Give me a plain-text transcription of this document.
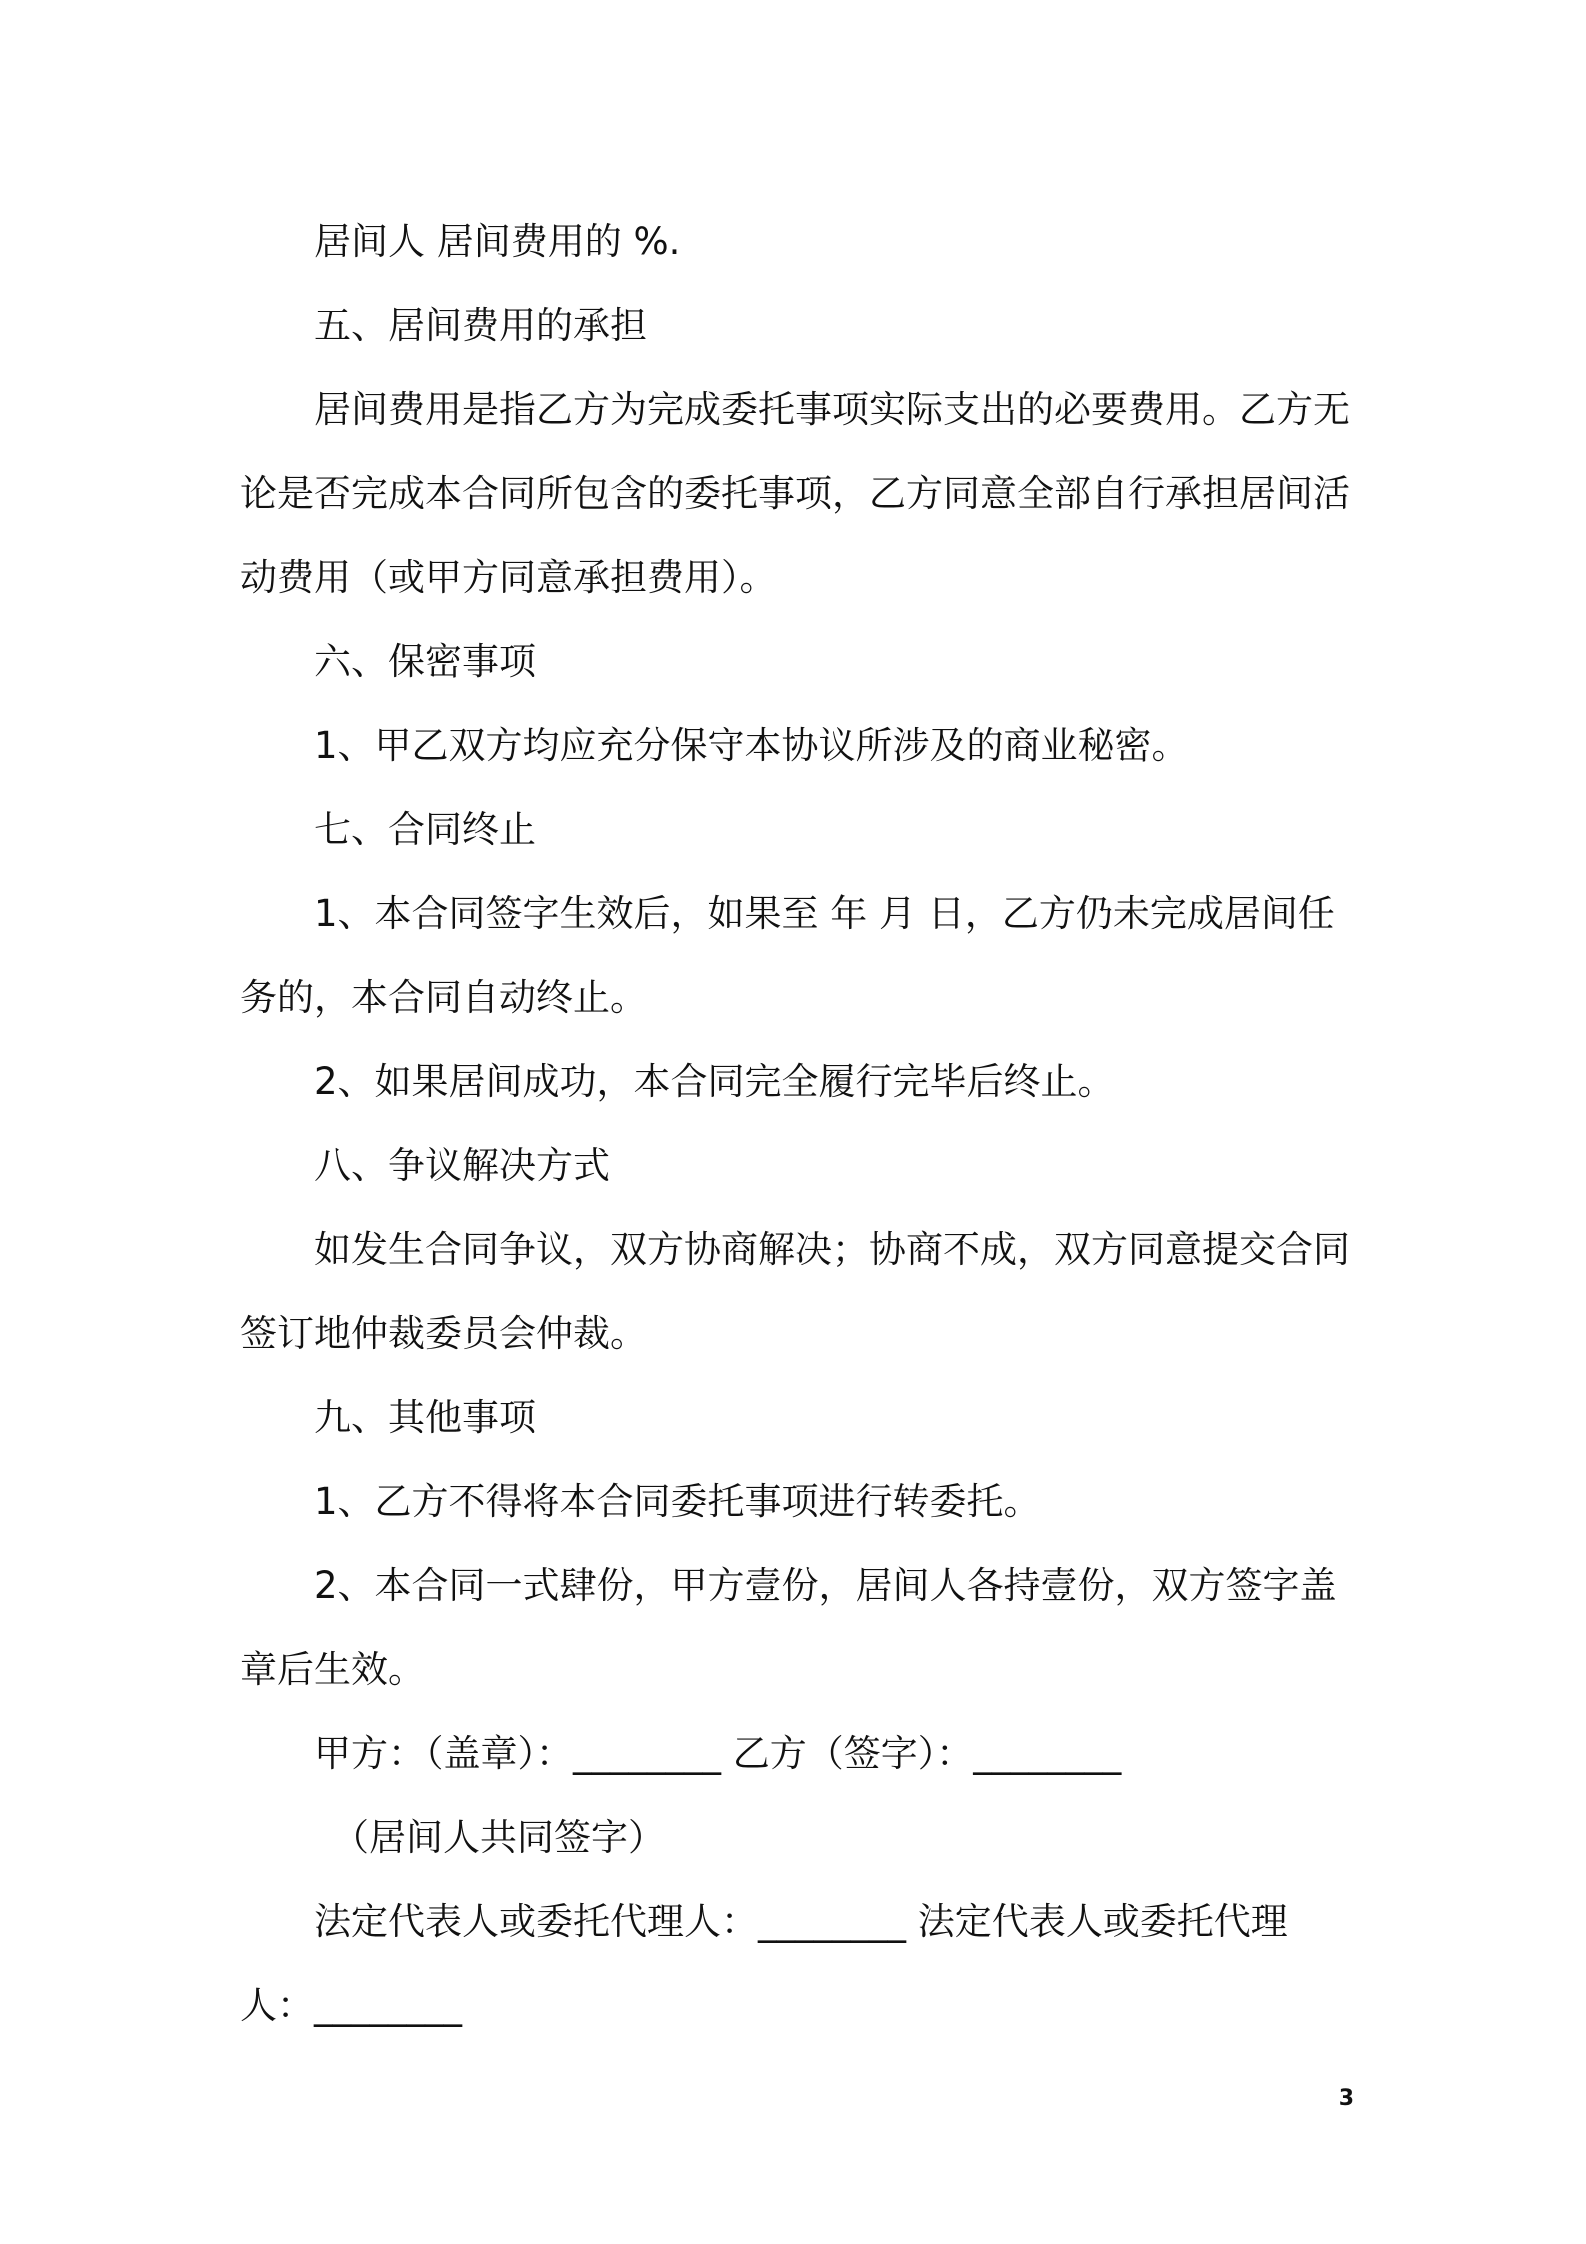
居间人 居间费用的 %.

五、居间费用的承担

居间费用是指乙方为完成委托事项实际支出的必要费用。乙方无

论是否完成本合同所包含的委托事项，乙方同意全部自行承担居间活

动费用（或甲方同意承担费用）。

六、保密事项

1、甲乙双方均应充分保守本协议所涉及的商业秘密。

七、合同终止

1、本合同签字生效后，如果至 年 月 日，乙方仍未完成居间任

务的，本合同自动终止。

2、如果居间成功，本合同完全履行完毕后终止。

八、争议解决方式

如发生合同争议，双方协商解决；协商不成，双方同意提交合同

签订地仲裁委员会仲裁。

九、其他事项

1、乙方不得将本合同委托事项进行转委托。

2、本合同一式肆份，甲方壹份，居间人各持壹份，双方签字盖

章后生效。

甲方：（盖章）：________ 乙方（签字）：________

（居间人共同签字）

法定代表人或委托代理人：________ 法定代表人或委托代理

人：________

3
